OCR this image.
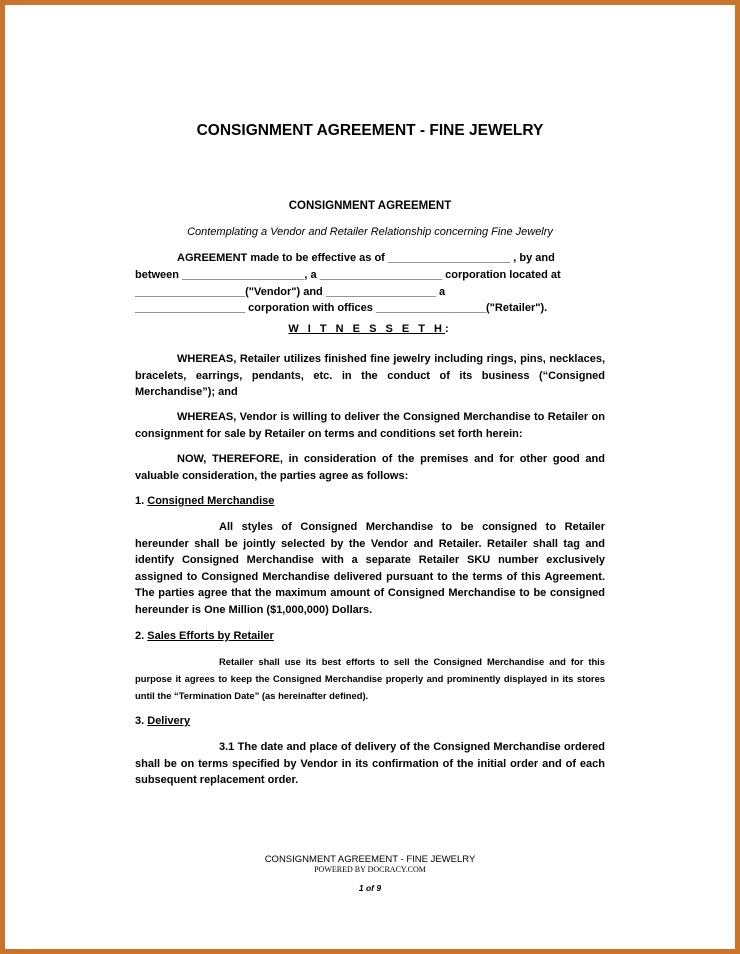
CONSIGNMENT AGREEMENT - FINE JEWELRY
CONSIGNMENT AGREEMENT
Contemplating a Vendor and Retailer Relationship concerning Fine Jewelry
AGREEMENT made to be effective as of ____________________ , by and
between ____________________, a ____________________ corporation located at
__________________("Vendor") and __________________ a
__________________ corporation with offices __________________("Retailer").
W I T N E S S E T H:

WHEREAS, Retailer utilizes finished fine jewelry including rings, pins, necklaces, bracelets, earrings, pendants, etc. in the conduct of its business (“Consigned Merchandise”); and

WHEREAS, Vendor is willing to deliver the Consigned Merchandise to Retailer on consignment for sale by Retailer on terms and conditions set forth herein:

NOW, THEREFORE, in consideration of the premises and for other good and valuable consideration, the parties agree as follows:

1. Consigned Merchandise

All styles of Consigned Merchandise to be consigned to Retailer hereunder shall be jointly selected by the Vendor and Retailer. Retailer shall tag and identify Consigned Merchandise with a separate Retailer SKU number exclusively assigned to Consigned Merchandise delivered pursuant to the terms of this Agreement. The parties agree that the maximum amount of Consigned Merchandise to be consigned hereunder is One Million ($1,000,000) Dollars.

2. Sales Efforts by Retailer

Retailer shall use its best efforts to sell the Consigned Merchandise and for this purpose it agrees to keep the Consigned Merchandise properly and prominently displayed in its stores until the “Termination Date” (as hereinafter defined).

3. Delivery

3.1 The date and place of delivery of the Consigned Merchandise ordered shall be on terms specified by Vendor in its confirmation of the initial order and of each subsequent replacement order.

CONSIGNMENT AGREEMENT - FINE JEWELRY
POWERED BY DOCRACY.COM
1 of 9
